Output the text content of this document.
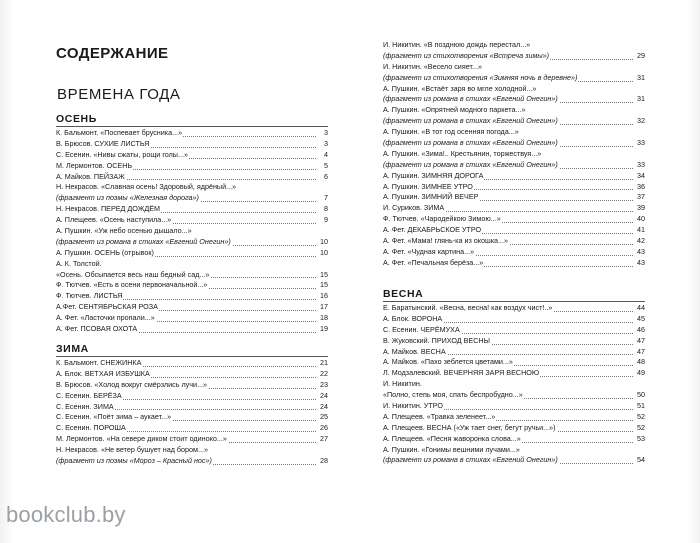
СОДЕРЖАНИЕ
ВРЕМЕНА ГОДА
ОСЕНЬ
К. Бальмонт. «Поспевает брусника...»	3
В. Брюсов. СУХИЕ ЛИСТЬЯ	3
С. Есенин. «Нивы сжаты, рощи голы...»	4
М. Лермонтов. ОСЕНЬ	5
А. Майков. ПЕЙЗАЖ	6
Н. Некрасов. «Славная осень! Здоровый, ядрёный...»
(фрагмент из поэмы «Железная дорога»)	7
Н. Некрасов. ПЕРЕД ДОЖДЁМ	8
А. Плещеев. «Осень наступила...»	9
А. Пушкин. «Уж небо осенью дышало...»
(фрагмент из романа в стихах «Евгений Онегин»)	10
А. Пушкин. ОСЕНЬ (отрывок)	10
А. К. Толстой.
«Осень. Обсыпается весь наш бедный сад...»	15
Ф. Тютчев. «Есть в осени первоначальной...»	15
Ф. Тютчев. ЛИСТЬЯ	16
А.Фет. СЕНТЯБРЬСКАЯ РОЗА	17
А. Фет. «Ласточки пропали...»	18
А. Фет. ПСОВАЯ ОХОТА	19
ЗИМА
К. Бальмонт. СНЕЖИНКА	21
А. Блок. ВЕТХАЯ ИЗБУШКА	22
В. Брюсов. «Холод вокруг смёрзлись лучи...»	23
С. Есенин. БЕРЁЗА	24
С. Есенин. ЗИМА	24
С. Есенин. «Поёт зима – аукает...»	25
С. Есенин. ПОРОША	26
М. Лермонтов. «На севере диком стоит одиноко...»	27
Н. Некрасов. «Не ветер бушует над бором...»
(фрагмент из поэмы «Мороз – Красный нос»)	28
И. Никитин. «В позднюю дождь перестал...»
(фрагмент из стихотворения «Встреча зимы»)	29
И. Никитин. «Весело сияет...»
(фрагмент из стихотворения «Зимняя ночь в деревне»)	31
А. Пушкин. «Встаёт заря во мгле холодной...»
(фрагмент из романа в стихах «Евгений Онегин»)	31
А. Пушкин. «Опрятней модного паркета...»
(фрагмент из романа в стихах «Евгений Онегин»)	32
А. Пушкин. «В тот год осенняя погода...»
(фрагмент из романа в стихах «Евгений Онегин»)	33
А. Пушкин. «Зима!.. Крестьянин, торжествуя...»
(фрагмент из романа в стихах «Евгений Онегин»)	33
А. Пушкин. ЗИМНЯЯ ДОРОГА	34
А. Пушкин. ЗИМНЕЕ УТРО	36
А. Пушкин. ЗИМНИЙ ВЕЧЕР	37
И. Суриков. ЗИМА	39
Ф. Тютчев. «Чародейкою Зимою...»	40
А. Фет. ДЕКАБРЬСКОЕ УТРО	41
А. Фет. «Мама! глянь-ка из окошка...»	42
А. Фет. «Чудная картина...»	43
А. Фет. «Печальная берёза...»	43
ВЕСНА
Е. Баратынский. «Весна, весна! как воздух чист!..»	44
А. Блок. ВОРОНА	45
С. Есенин. ЧЕРЁМУХА	46
В. Жуковский. ПРИХОД ВЕСНЫ	47
А. Майков. ВЕСНА	47
А. Майков. «Пахо зеблется цветами...»	48
Л. Модзалевский. ВЕЧЕРНЯЯ ЗАРЯ ВЕСНОЮ	49
И. Никитин.
«Полно, степь моя, спать беспробудно...»	50
И. Никитин. УТРО	51
А. Плещеев. «Травка зеленеет...»	52
А. Плещеев. ВЕСНА («Уж тает снег, бегут ручьи...»)	52
А. Плещеев. «Песня жаворонка слова...»	53
А. Пушкин. «Гонимы вешними лучами...»
(фрагмент из романа в стихах «Евгений Онегин»)	54
bookclub.by
